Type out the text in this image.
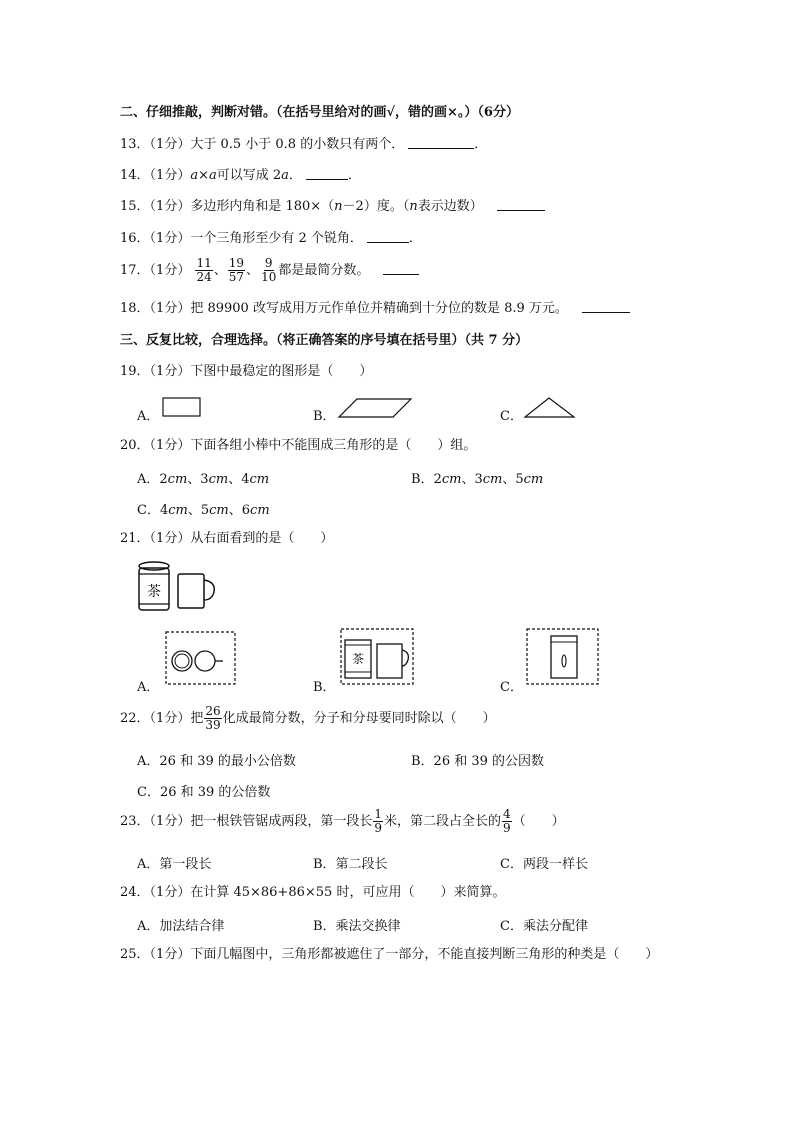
二、仔细推敲，判断对错。（在括号里给对的画√，错的画×。）（6分）
13．（1分）大于 0.5 小于 0.8 的小数只有两个．	．
14．（1分）a×a可以写成 2a．	．
15．（1分）多边形内角和是 180×（n－2）度。（n表示边数）
16．（1分）一个三角形至少有 2 个锐角．	．
17．（1分） $\frac{11}{24}$ 、 $\frac{19}{57}$ 、 $\frac{9}{10}$ 都是最简分数。
18．（1分）把 89900 改写成用万元作单位并精确到十分位的数是 8.9 万元。
三、反复比较，合理选择。（将正确答案的序号填在括号里）（共 7 分）
19．（1分）下图中最稳定的图形是（　　）
A．	B．	C．
20．（1分）下面各组小棒中不能围成三角形的是（　　）组。
A．2cm、3cm、4cm	B．2cm、3cm、5cm
C．4cm、5cm、6cm
21．（1分）从右面看到的是（　　）
茶
A．	B．
茶
C．
22．（1分）把 $\frac{26}{39}$ 化成最简分数，分子和分母要同时除以（　　）
A．26 和 39 的最小公倍数	B．26 和 39 的公因数
C．26 和 39 的公倍数
23．（1分）把一根铁管锯成两段，第一段长 $\frac{1}{9}$ 米，第二段占全长的 $\frac{4}{9}$ （　　）
A．第一段长	B．第二段长	C．两段一样长
24．（1分）在计算 45×86+86×55 时，可应用（　　）来简算。
A．加法结合律	B．乘法交换律	C．乘法分配律
25．（1分）下面几幅图中，三角形都被遮住了一部分，不能直接判断三角形的种类是（　　）
